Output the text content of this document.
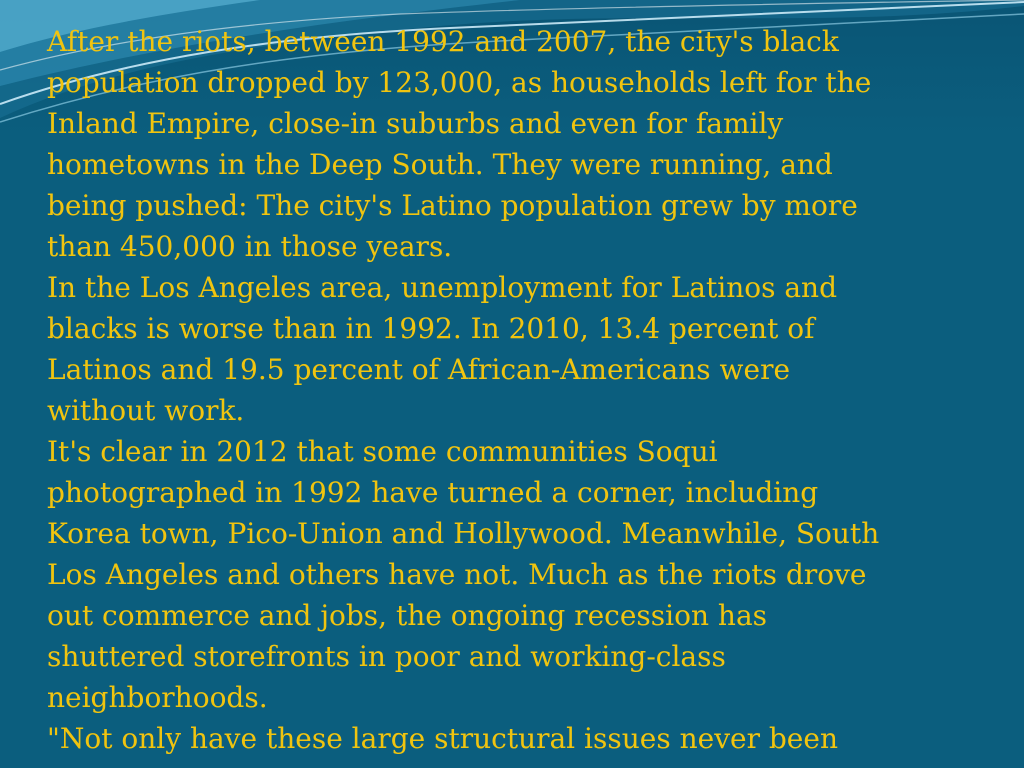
After the riots, between 1992 and 2007, the city's black
population dropped by 123,000, as households left for the
Inland Empire, close-in suburbs and even for family
hometowns in the Deep South. They were running, and
being pushed: The city's Latino population grew by more
than 450,000 in those years.
In the Los Angeles area, unemployment for Latinos and
blacks is worse than in 1992. In 2010, 13.4 percent of
Latinos and 19.5 percent of African-Americans were
without work.
It's clear in 2012 that some communities Soqui
photographed in 1992 have turned a corner, including
Korea town, Pico-Union and Hollywood. Meanwhile, South
Los Angeles and others have not. Much as the riots drove
out commerce and jobs, the ongoing recession has
shuttered storefronts in poor and working-class
neighborhoods.
"Not only have these large structural issues never been
